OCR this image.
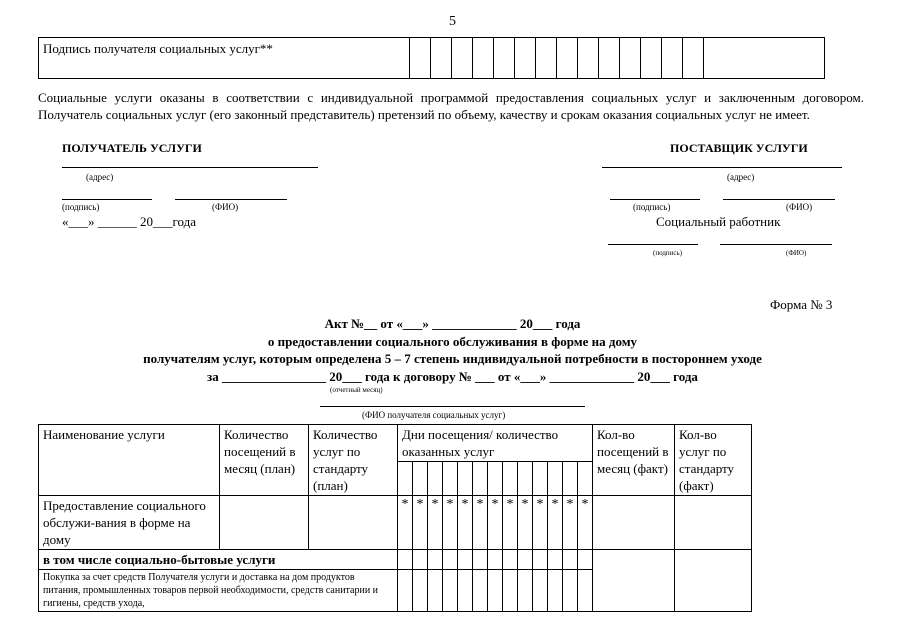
5
Подпись получателя социальных услуг**															
Социальные услуги оказаны в соответствии с индивидуальной программой предоставления социальных услуг и заключенным договором. Получатель социальных услуг (его законный представитель) претензий по объему, качеству и срокам оказания социальных услуг не имеет.
ПОЛУЧАТЕЛЬ УСЛУГИ
(адрес)
(подпись)	(ФИО)
«___» ______ 20___года
ПОСТАВЩИК УСЛУГИ
(адрес)
(подпись)	(ФИО)
Социальный работник
(подпись)	(ФИО)
Форма № 3
Акт №__ от «___» _____________ 20___ года
о предоставлении социального обслуживания в форме на дому
получателям услуг, которым определена 5 – 7 степень индивидуальной потребности в постороннем уходе
за ________________ 20___ года к договору № ___ от «___» _____________ 20___ года
(отчетный месяц)
(ФИО получателя социальных услуг)
Наименование услуги	Количество посещений в месяц (план)	Количество услуг по стандарту (план)	Дни посещения/ количество оказанных услуг													Кол-во посещений в месяц (факт)	Кол-во услуг по стандарту (факт)

Предоставление социального обслужи-вания в форме на дому			*	*	*	*	*	*	*	*	*	*	*	*	*		
в том числе социально-бытовые услуги																	
Покупка за счет средств Получателя услуги и доставка на дом продуктов питания, промышленных товаров первой необходимости, средств санитарии и гигиены, средств ухода,																	
